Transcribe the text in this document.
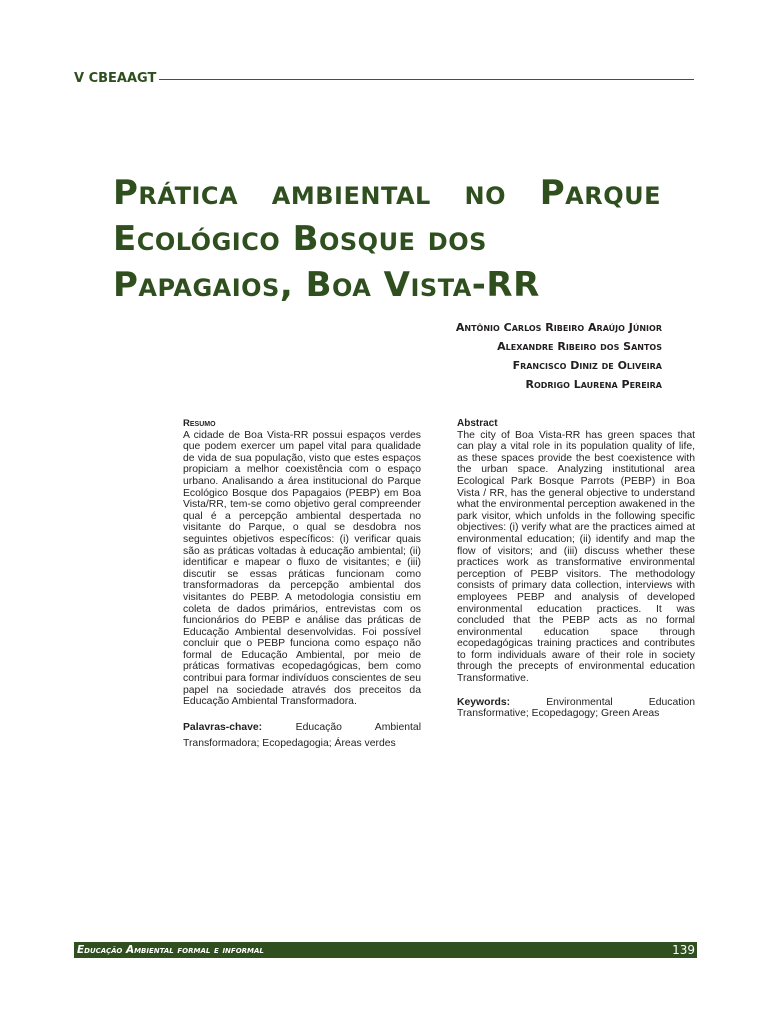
V CBEAAGT
Prática ambiental no Parque
Ecológico Bosque dos
Papagaios, Boa Vista-RR
Antônio Carlos Ribeiro Araújo Júnior
Alexandre Ribeiro dos Santos
Francisco Diniz de Oliveira
Rodrigo Laurena Pereira
Resumo
A cidade de Boa Vista-RR possui espaços verdes que podem exercer um papel vital para qualidade de vida de sua população, visto que estes espaços propiciam a melhor coexistência com o espaço urbano. Analisando a área institucional do Parque Ecológico Bosque dos Papagaios (PEBP) em Boa Vista/RR, tem-se como objetivo geral compreender qual é a percepção ambiental despertada no visitante do Parque, o qual se desdobra nos seguintes objetivos específicos: (i) verificar quais são as práticas voltadas à educação ambiental; (ii) identificar e mapear o fluxo de visitantes; e (iii) discutir se essas práticas funcionam como transformadoras da percepção ambiental dos visitantes do PEBP. A metodologia consistiu em coleta de dados primários, entrevistas com os funcionários do PEBP e análise das práticas de Educação Ambiental desenvolvidas. Foi possível concluir que o PEBP funciona como espaço não formal de Educação Ambiental, por meio de práticas formativas ecopedagógicas, bem como contribui para formar indivíduos conscientes de seu papel na sociedade através dos preceitos da Educação Ambiental Transformadora.
Palavras-chave:	Educação Ambiental Transformadora; Ecopedagogia; Áreas verdes
Abstract
The city of Boa Vista-RR has green spaces that can play a vital role in its population quality of life, as these spaces provide the best coexistence with the urban space. Analyzing institutional area Ecological Park Bosque Parrots (PEBP) in Boa Vista / RR, has the general objective to understand what the environmental perception awakened in the park visitor, which unfolds in the following specific objectives: (i) verify what are the practices aimed at environmental education; (ii) identify and map the flow of visitors; and (iii) discuss whether these practices work as transformative environmental perception of PEBP visitors. The methodology consists of primary data collection, interviews with employees PEBP and analysis of developed environmental education practices. It was concluded that the PEBP acts as no formal environmental education space through ecopedagógicas training practices and contributes to form individuals aware of their role in society through the precepts of environmental education Transformative.
Keywords:	Environmental Education Transformative; Ecopedagogy; Green Areas
Educação Ambiental formal e informal	139
